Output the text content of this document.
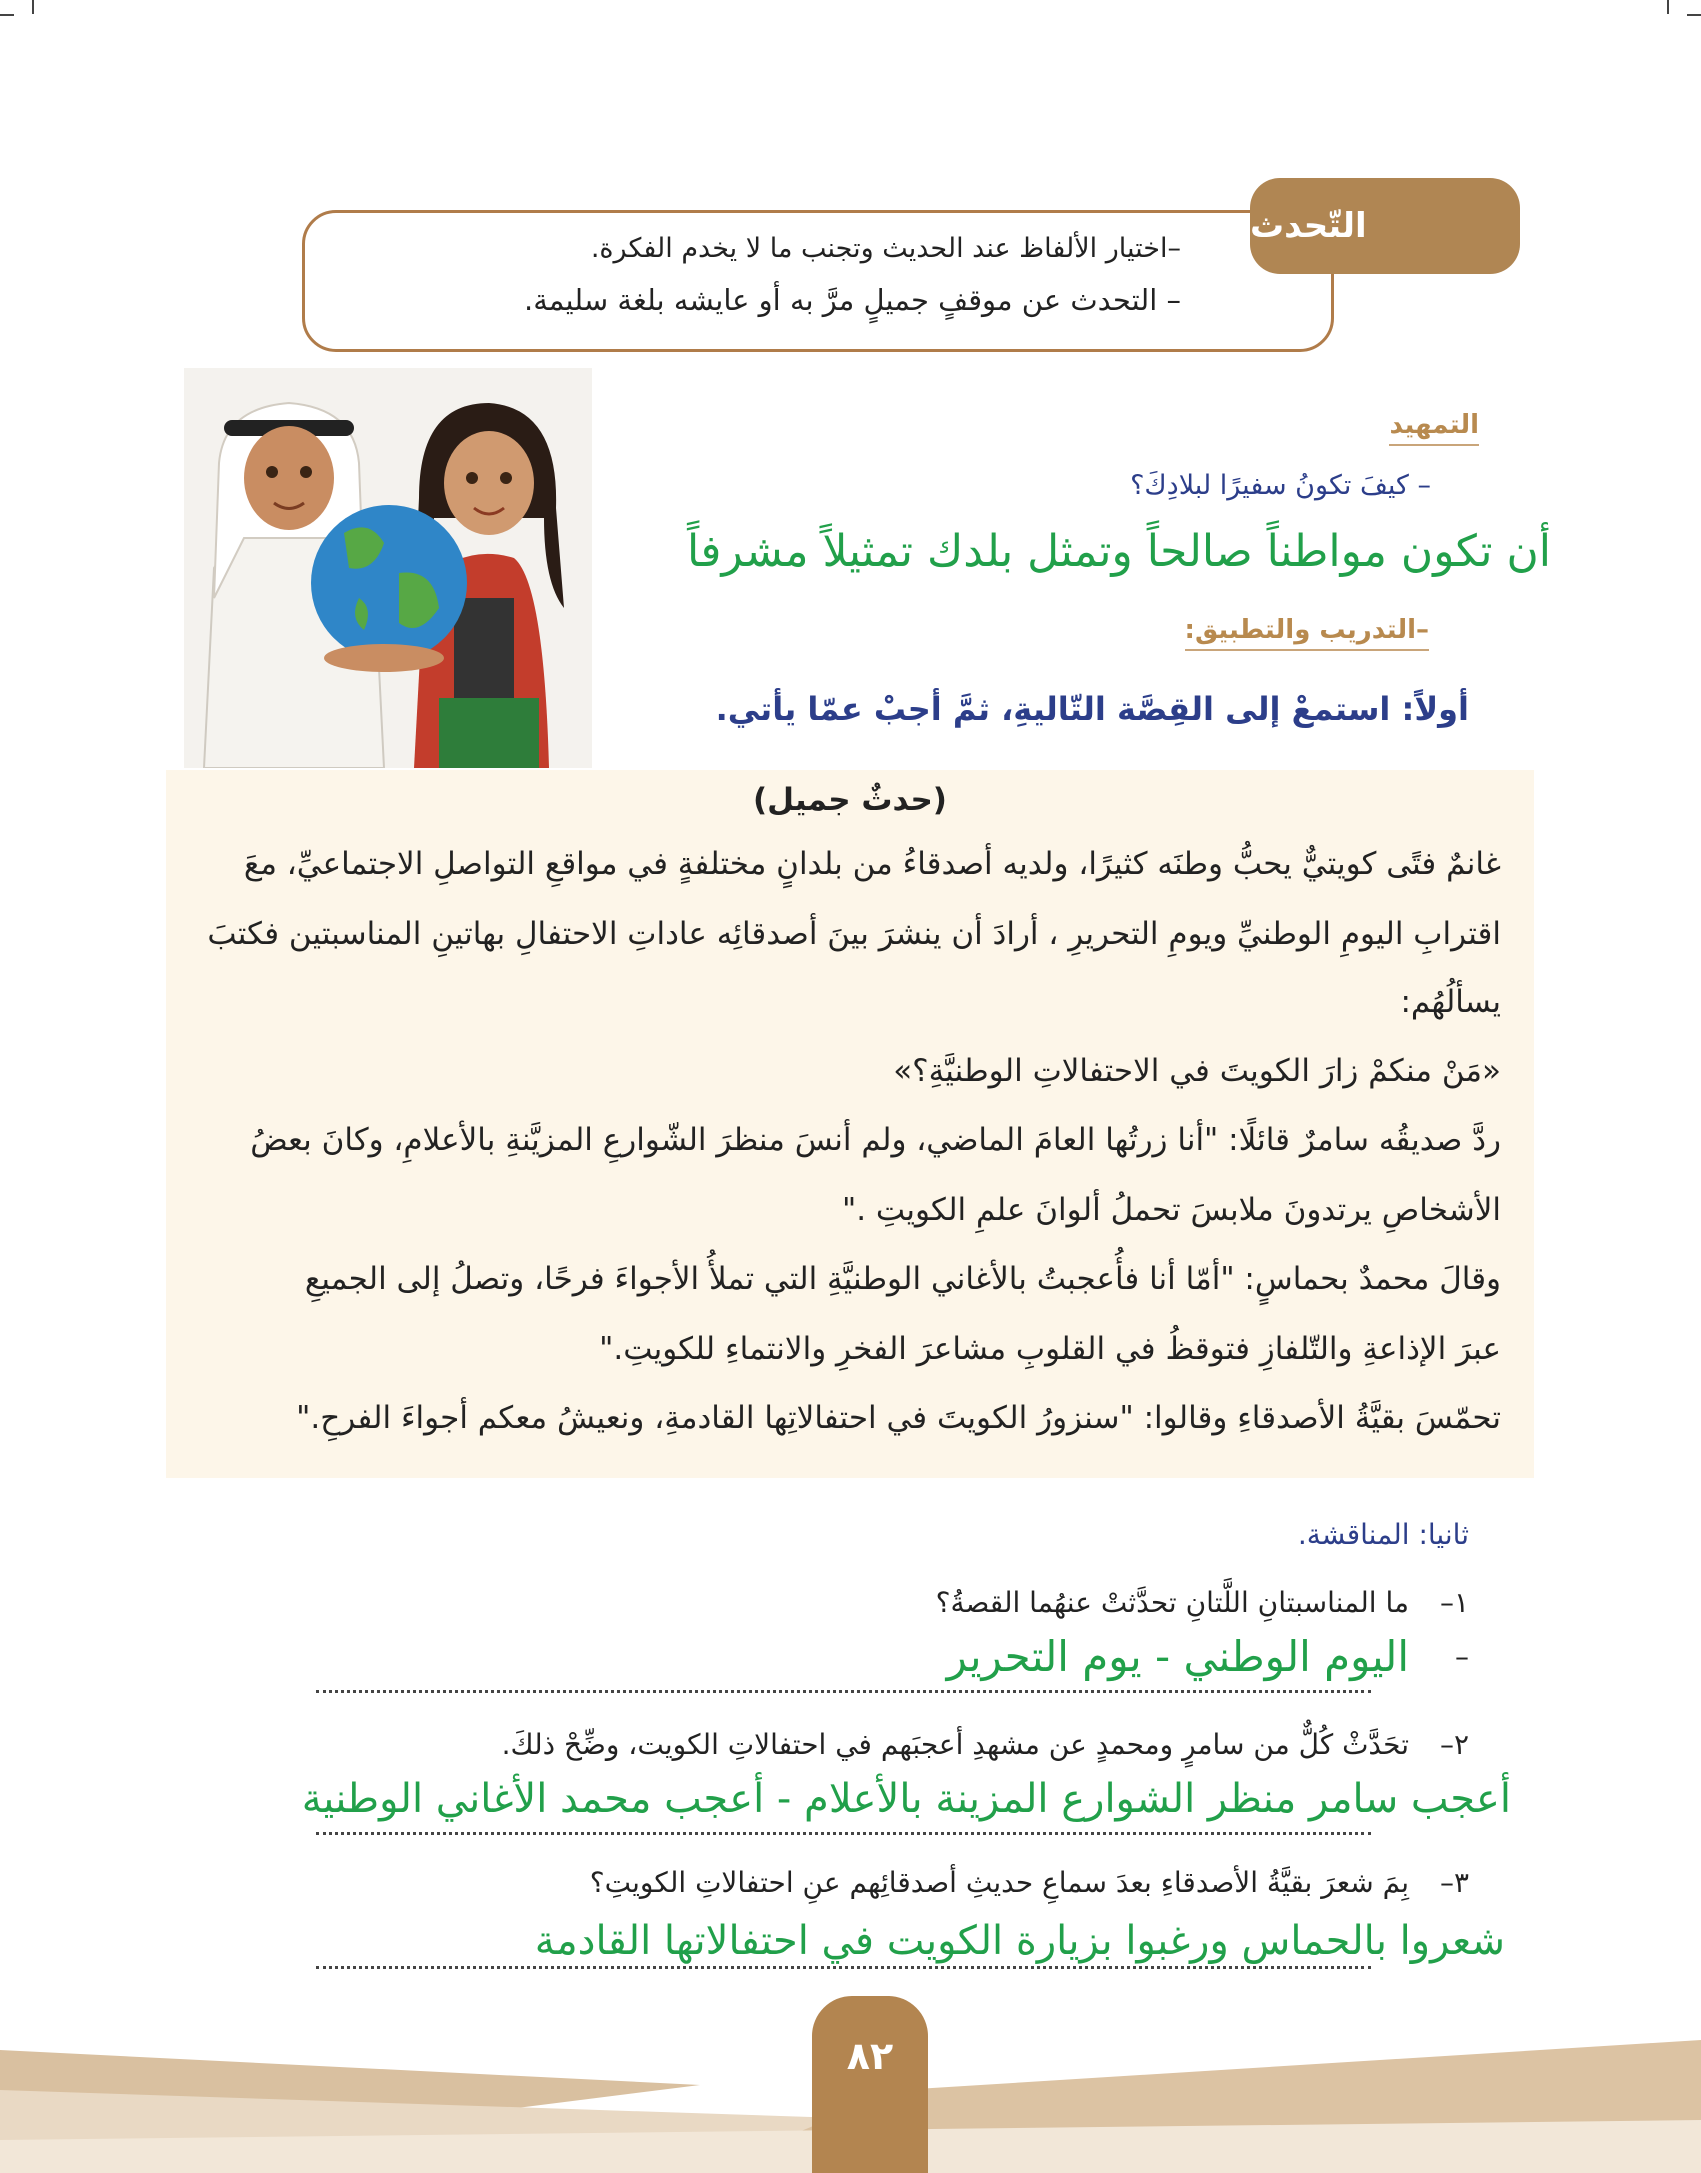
–اختيار الألفاظ عند الحديث وتجنب ما لا يخدم الفكرة.
– التحدث عن موقفٍ جميلٍ مرَّ به أو عايشه بلغة سليمة.
التّحدث
التمهيد
– كيفَ تكونُ سفيرًا لبلادِكَ؟
أن تكون مواطناً صالحاً وتمثل بلدك تمثيلاً مشرفاً
–التدريب والتطبيق:
أولاً: استمعْ إلى القِصَّة التّاليةِ، ثمَّ أجبْ عمّا يأتي.
(حدثٌ جميل)
غانمٌ فتًى كويتيٌّ يحبُّ وطنَه كثيرًا، ولديه أصدقاءُ من بلدانٍ مختلفةٍ في مواقعِ التواصلِ الاجتماعيِّ، معَ
اقترابِ اليومِ الوطنيِّ ويومِ التحريرِ ، أرادَ أن ينشرَ بينَ أصدقائِه عاداتِ الاحتفالِ بهاتينِ المناسبتين فكتبَ
يسألُهُم:
«مَنْ منكمْ زارَ الكويتَ في الاحتفالاتِ الوطنيَّةِ؟»
ردَّ صديقُه سامرٌ قائلًا: "أنا زرتُها العامَ الماضي، ولم أنسَ منظرَ الشّوارعِ المزيَّنةِ بالأعلامِ، وكانَ بعضُ
الأشخاصِ يرتدونَ ملابسَ تحملُ ألوانَ علمِ الكويتِ ."
وقالَ محمدٌ بحماسٍ: "أمّا أنا فأُعجبتُ بالأغاني الوطنيَّةِ التي تملأُ الأجواءَ فرحًا، وتصلُ إلى الجميعِ
عبرَ الإذاعةِ والتّلفازِ فتوقظُ في القلوبِ مشاعرَ الفخرِ والانتماءِ للكويتِ."
تحمّسَ بقيَّةُ الأصدقاءِ وقالوا: "سنزورُ الكويتَ في احتفالاتِها القادمةِ، ونعيشُ معكم أجواءَ الفرحِ."
ثانيا: المناقشة.
١–
ما المناسبتانِ اللَّتانِ تحدَّثتْ عنهُما القصةُ؟
–
اليوم الوطني - يوم التحرير
٢–
تحَدَّثْ كُلٌّ من سامرٍ ومحمدٍ عن مشهدِ أعجبَهم في احتفالاتِ الكويت، وضِّحْ ذلكَ.
أعجب سامر منظر الشوارع المزينة بالأعلام - أعجب محمد الأغاني الوطنية
٣–
بِمَ شعرَ بقيَّةُ الأصدقاءِ بعدَ سماعِ حديثِ أصدقائِهم عنِ احتفالاتِ الكويتِ؟
شعروا بالحماس ورغبوا بزيارة الكويت في احتفالاتها القادمة
٨٢
